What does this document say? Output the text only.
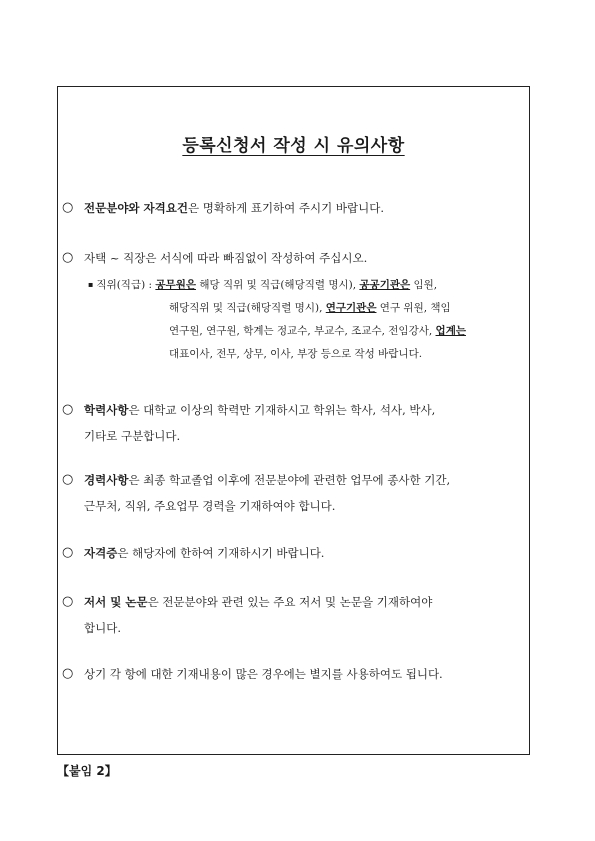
등록신청서 작성 시 유의사항
○ 전문분야와 자격요건은 명확하게 표기하여 주시기 바랍니다.
○ 자택 ~ 직장은 서식에 따라 빠짐없이 작성하여 주십시오.
▪ 직위(직급) : 공무원은 해당 직위 및 직급(해당직렬 명시), 공공기관은 임원,
해당직위 및 직급(해당직렬 명시), 연구기관은 연구 위원, 책임
연구원, 연구원, 학계는 정교수, 부교수, 조교수, 전임강사, 업계는
대표이사, 전무, 상무, 이사, 부장 등으로 작성 바랍니다.
○ 학력사항은 대학교 이상의 학력만 기재하시고 학위는 학사, 석사, 박사,
기타로 구분합니다.
○ 경력사항은 최종 학교졸업 이후에 전문분야에 관련한 업무에 종사한 기간,
근무처, 직위, 주요업무 경력을 기재하여야 합니다.
○ 자격증은 해당자에 한하여 기재하시기 바랍니다.
○ 저서 및 논문은 전문분야와 관련 있는 주요 저서 및 논문을 기재하여야
합니다.
○ 상기 각 항에 대한 기재내용이 많은 경우에는 별지를 사용하여도 됩니다.
【붙임 2】
